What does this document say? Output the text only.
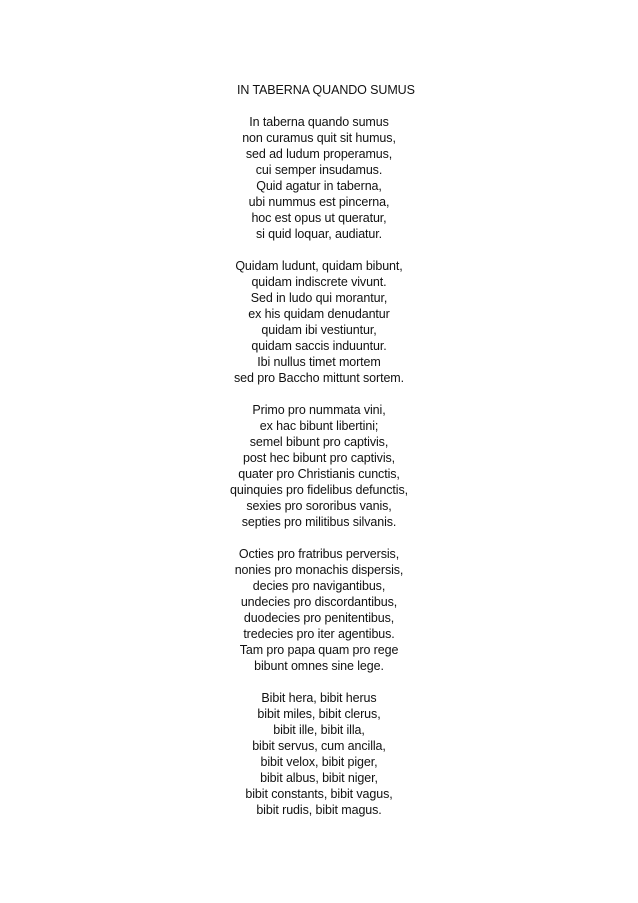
IN TABERNA QUANDO SUMUS
In taberna quando sumus
non curamus quit sit humus,
sed ad ludum properamus,
cui semper insudamus.
Quid agatur in taberna,
ubi nummus est pincerna,
hoc est opus ut queratur,
si quid loquar, audiatur.
Quidam ludunt, quidam bibunt,
quidam indiscrete vivunt.
Sed in ludo qui morantur,
ex his quidam denudantur
quidam ibi vestiuntur,
quidam saccis induuntur.
Ibi nullus timet mortem
sed pro Baccho mittunt sortem.
Primo pro nummata vini,
ex hac bibunt libertini;
semel bibunt pro captivis,
post hec bibunt pro captivis,
quater pro Christianis cunctis,
quinquies pro fidelibus defunctis,
sexies pro sororibus vanis,
septies pro militibus silvanis.
Octies pro fratribus perversis,
nonies pro monachis dispersis,
decies pro navigantibus,
undecies pro discordantibus,
duodecies pro penitentibus,
tredecies pro iter agentibus.
Tam pro papa quam pro rege
bibunt omnes sine lege.
Bibit hera, bibit herus
bibit miles, bibit clerus,
bibit ille, bibit illa,
bibit servus, cum ancilla,
bibit velox, bibit piger,
bibit albus, bibit niger,
bibit constants, bibit vagus,
bibit rudis, bibit magus.
